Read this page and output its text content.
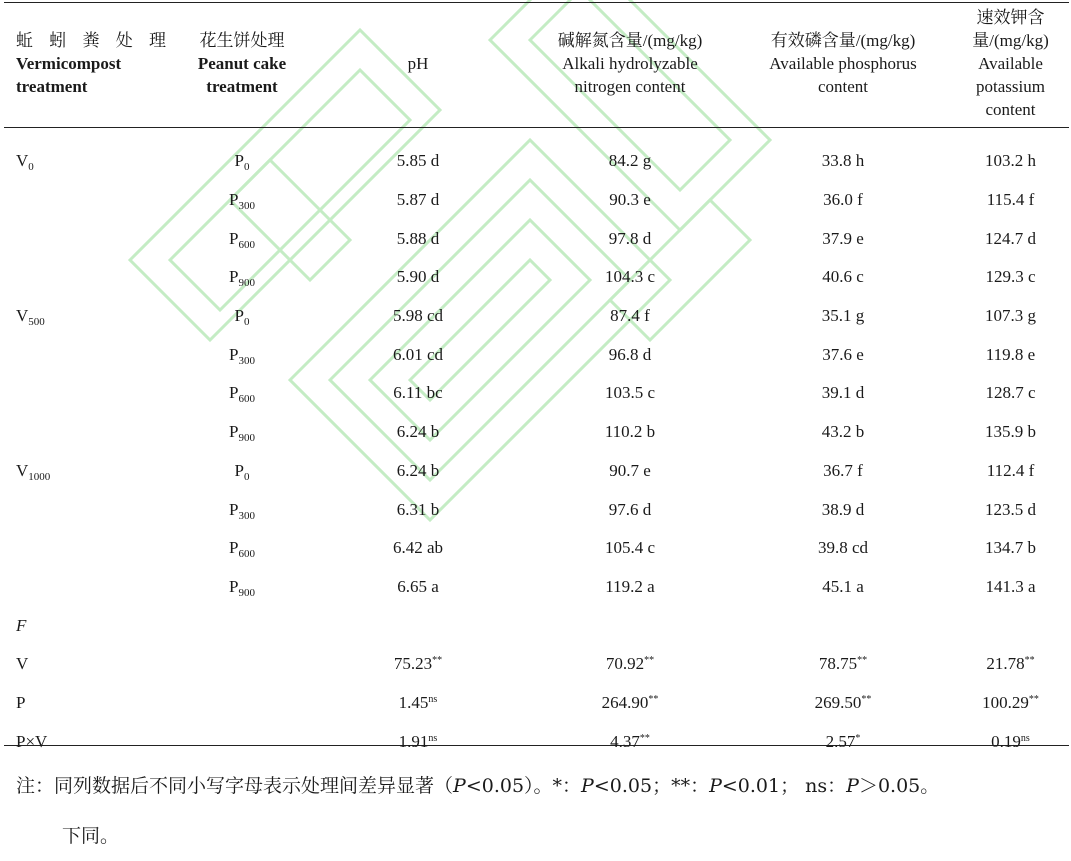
蚯 蚓 粪 处 理
Vermicompost
treatment	花生饼处理
Peanut cake
treatment	pH	碱解氮含量/(mg/kg)
Alkali hydrolyzable
nitrogen content	有效磷含量/(mg/kg)
Available phosphorus
content	速效钾含
量/(mg/kg)
Available
potassium
content

$V_0$	$P_0$	5.85 d	84.2 g	33.8 h	103.2 h
	$P_{300}$	5.87 d	90.3 e	36.0 f	115.4 f
	$P_{600}$	5.88 d	97.8 d	37.9 e	124.7 d
	$P_{900}$	5.90 d	104.3 c	40.6 c	129.3 c
$V_{500}$	$P_0$	5.98 cd	87.4 f	35.1 g	107.3 g
	$P_{300}$	6.01 cd	96.8 d	37.6 e	119.8 e
	$P_{600}$	6.11 bc	103.5 c	39.1 d	128.7 c
	$P_{900}$	6.24 b	110.2 b	43.2 b	135.9 b
$V_{1000}$	$P_0$	6.24 b	90.7 e	36.7 f	112.4 f
	$P_{300}$	6.31 b	97.6 d	38.9 d	123.5 d
	$P_{600}$	6.42 ab	105.4 c	39.8 cd	134.7 b
	$P_{900}$	6.65 a	119.2 a	45.1 a	141.3 a
F					
V		75.23**	70.92**	78.75**	21.78**
P		$1.45^{ns}$	264.90**	269.50**	100.29**
P×V		$1.91^{ns}$	4.37**	2.57*	$0.19^{ns}$
注：同列数据后不同小写字母表示处理间差异显著（P<0.05）。*：P<0.05；**：P<0.01； ns：P＞0.05。
下同。
